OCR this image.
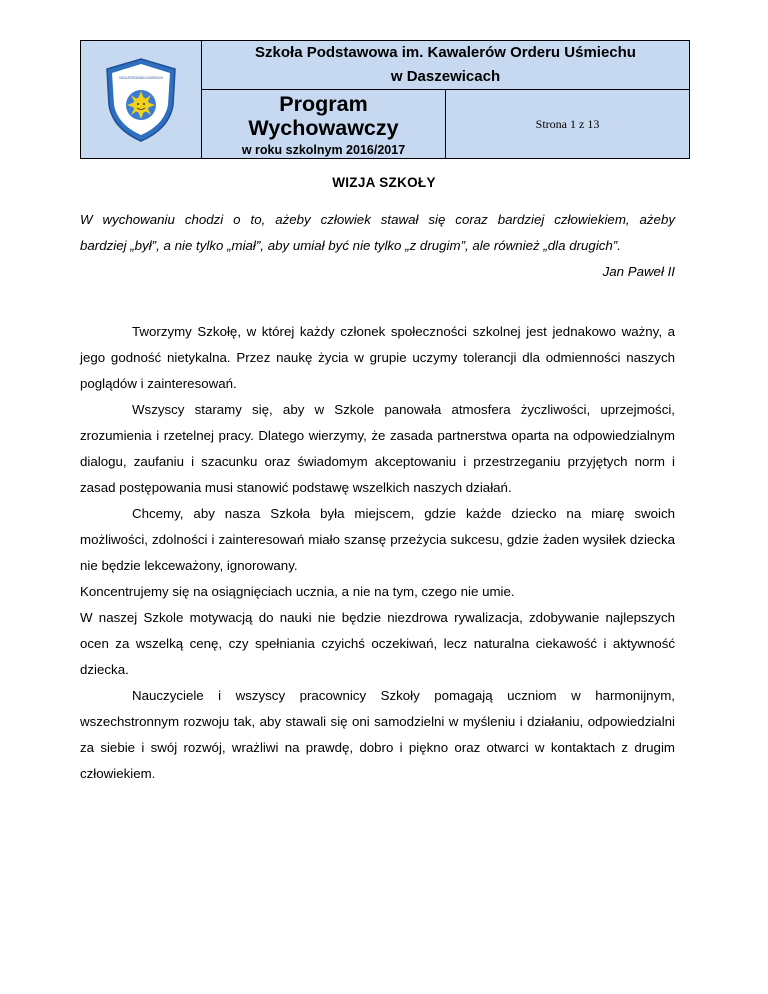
SZKOŁA PODSTAWOWA W DASZEWICACH	Szkoła Podstawowa im. Kawalerów Orderu Uśmiechu
w Daszewicach	

	Program Wychowawczy
w roku szkolnym 2016/2017	Strona 1 z 13
WIZJA SZKOŁY
W wychowaniu chodzi o to, ażeby człowiek stawał się coraz bardziej człowiekiem, ażeby
bardziej „był”, a nie tylko „miał”, aby umiał być nie tylko „z drugim”, ale również „dla drugich”.
Jan Paweł II

Tworzymy Szkołę, w której każdy członek społeczności szkolnej jest jednakowo ważny, a jego godność nietykalna. Przez naukę życia w grupie uczymy tolerancji dla odmienności naszych poglądów i zainteresowań.

Wszyscy staramy się, aby w Szkole panowała atmosfera życzliwości, uprzejmości, zrozumienia i rzetelnej pracy. Dlatego wierzymy, że zasada partnerstwa oparta na odpowiedzialnym dialogu, zaufaniu i szacunku oraz świadomym akceptowaniu i przestrzeganiu przyjętych norm i zasad postępowania musi stanowić podstawę wszelkich naszych działań.

Chcemy, aby nasza Szkoła była miejscem, gdzie każde dziecko na miarę swoich możliwości, zdolności i zainteresowań miało szansę przeżycia sukcesu, gdzie żaden wysiłek dziecka nie będzie lekceważony, ignorowany.

Koncentrujemy się na osiągnięciach ucznia, a nie na tym, czego nie umie.

W naszej Szkole motywacją do nauki nie będzie niezdrowa rywalizacja, zdobywanie najlepszych ocen za wszelką cenę, czy spełniania czyichś oczekiwań, lecz naturalna ciekawość i aktywność dziecka.

Nauczyciele i wszyscy pracownicy Szkoły pomagają uczniom w harmonijnym, wszechstronnym rozwoju tak, aby stawali się oni samodzielni w myśleniu i działaniu, odpowiedzialni za siebie i swój rozwój, wrażliwi na prawdę, dobro i piękno oraz otwarci w kontaktach z drugim człowiekiem.
